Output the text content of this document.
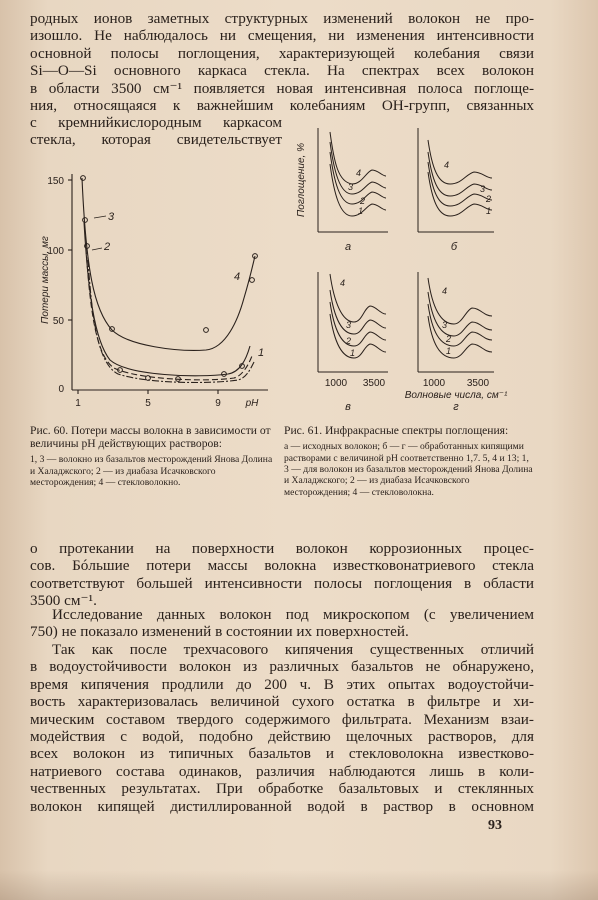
родных ионов заметных структурных изменений волокон не про-
изошло. Не наблюдалось ни смещения, ни изменения интенсивности
основной полосы поглощения, характеризующей колебания связи
Si—O—Si основного каркаса стекла. На спектрах всех волокон
в области 3500 см⁻¹ появляется новая интенсивная полоса поглоще-
ния, относящаяся к важнейшим колебаниям ОН-групп, связанных
с кремнийкислородным каркасом
стекла, которая свидетельствует
Потери массы, мг
150
100
50
0
1	5	9 рН
3
2
4
1
Поглощение, %	4
3
2
1
4
3
2
1
4
3
2
1
4
3
2
1
а	б
1000 3500	1000 3500
Волновые числа, см⁻¹
в	г

Рис. 60. Потери массы волокна в зависимости от величины рН действующих растворов:

1, 3 — волокно из базальтов месторождений Янова Долина и Халаджского; 2 — из диабаза Исачковского месторождения; 4 — стекловолокно.

Рис. 61. Инфракрасные спектры поглощения:

а — исходных волокон; б — г — обработанных кипящими растворами с величиной рН соответственно 1,7. 5, 4 и 13; 1, 3 — для волокон из базальтов месторождений Янова Долина и Халаджского; 2 — из диабаза Исачковского месторождения; 4 — стекловолокна.

о протекании на поверхности волокон коррозионных процес-
сов. Бóльшие потери массы волокна известковонатриевого стекла
соответствуют большей интенсивности полосы поглощения в области
3500 см⁻¹.
Исследование данных волокон под микроскопом (с увеличением
750) не показало изменений в состоянии их поверхностей.
Так как после трехчасового кипячения существенных отличий
в водоустойчивости волокон из различных базальтов не обнаружено,
время кипячения продлили до 200 ч. В этих опытах водоустойчи-
вость характеризовалась величиной сухого остатка в фильтре и хи-
мическим составом твердого содержимого фильтрата. Механизм взаи-
модействия с водой, подобно действию щелочных растворов, для
всех волокон из типичных базальтов и стекловолокна известково-
натриевого состава одинаков, различия наблюдаются лишь в коли-
чественных результатах. При обработке базальтовых и стеклянных
волокон кипящей дистиллированной водой в раствор в основном
93
